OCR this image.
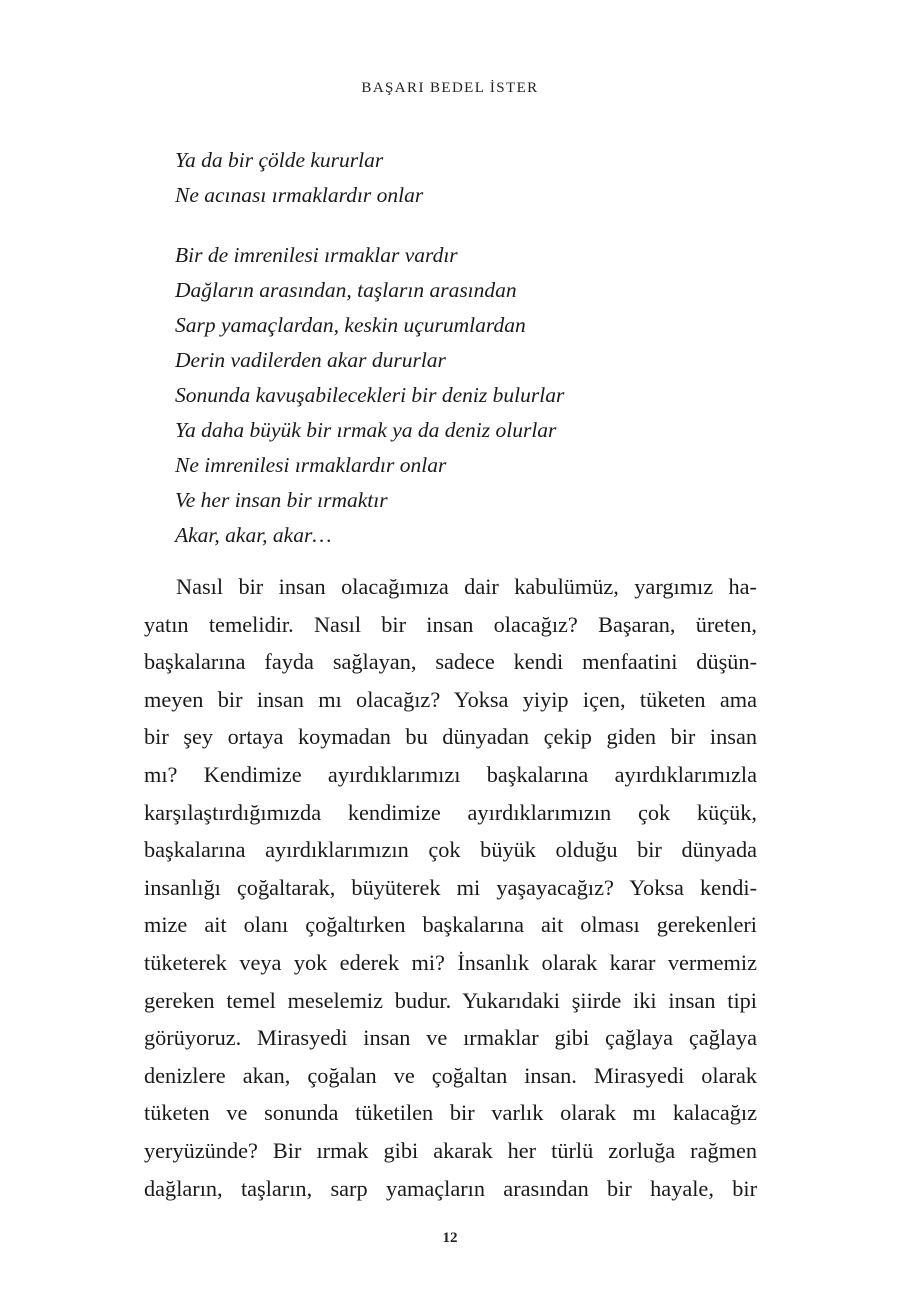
BAŞARI BEDEL İSTER
Ya da bir çölde kururlar
Ne acınası ırmaklardır onlar
Bir de imrenilesi ırmaklar vardır
Dağların arasından, taşların arasından
Sarp yamaçlardan, keskin uçurumlardan
Derin vadilerden akar dururlar
Sonunda kavuşabilecekleri bir deniz bulurlar
Ya daha büyük bir ırmak ya da deniz olurlar
Ne imrenilesi ırmaklardır onlar
Ve her insan bir ırmaktır
Akar, akar, akar…
Nasıl bir insan olacağımıza dair kabulümüz, yargımız ha-
yatın temelidir. Nasıl bir insan olacağız? Başaran, üreten,
başkalarına fayda sağlayan, sadece kendi menfaatini düşün-
meyen bir insan mı olacağız? Yoksa yiyip içen, tüketen ama
bir şey ortaya koymadan bu dünyadan çekip giden bir insan
mı? Kendimize ayırdıklarımızı başkalarına ayırdıklarımızla
karşılaştırdığımızda kendimize ayırdıklarımızın çok küçük,
başkalarına ayırdıklarımızın çok büyük olduğu bir dünyada
insanlığı çoğaltarak, büyüterek mi yaşayacağız? Yoksa kendi-
mize ait olanı çoğaltırken başkalarına ait olması gerekenleri
tüketerek veya yok ederek mi? İnsanlık olarak karar vermemiz
gereken temel meselemiz budur. Yukarıdaki şiirde iki insan tipi
görüyoruz. Mirasyedi insan ve ırmaklar gibi çağlaya çağlaya
denizlere akan, çoğalan ve çoğaltan insan. Mirasyedi olarak
tüketen ve sonunda tüketilen bir varlık olarak mı kalacağız
yeryüzünde? Bir ırmak gibi akarak her türlü zorluğa rağmen
dağların, taşların, sarp yamaçların arasından bir hayale, bir
12
